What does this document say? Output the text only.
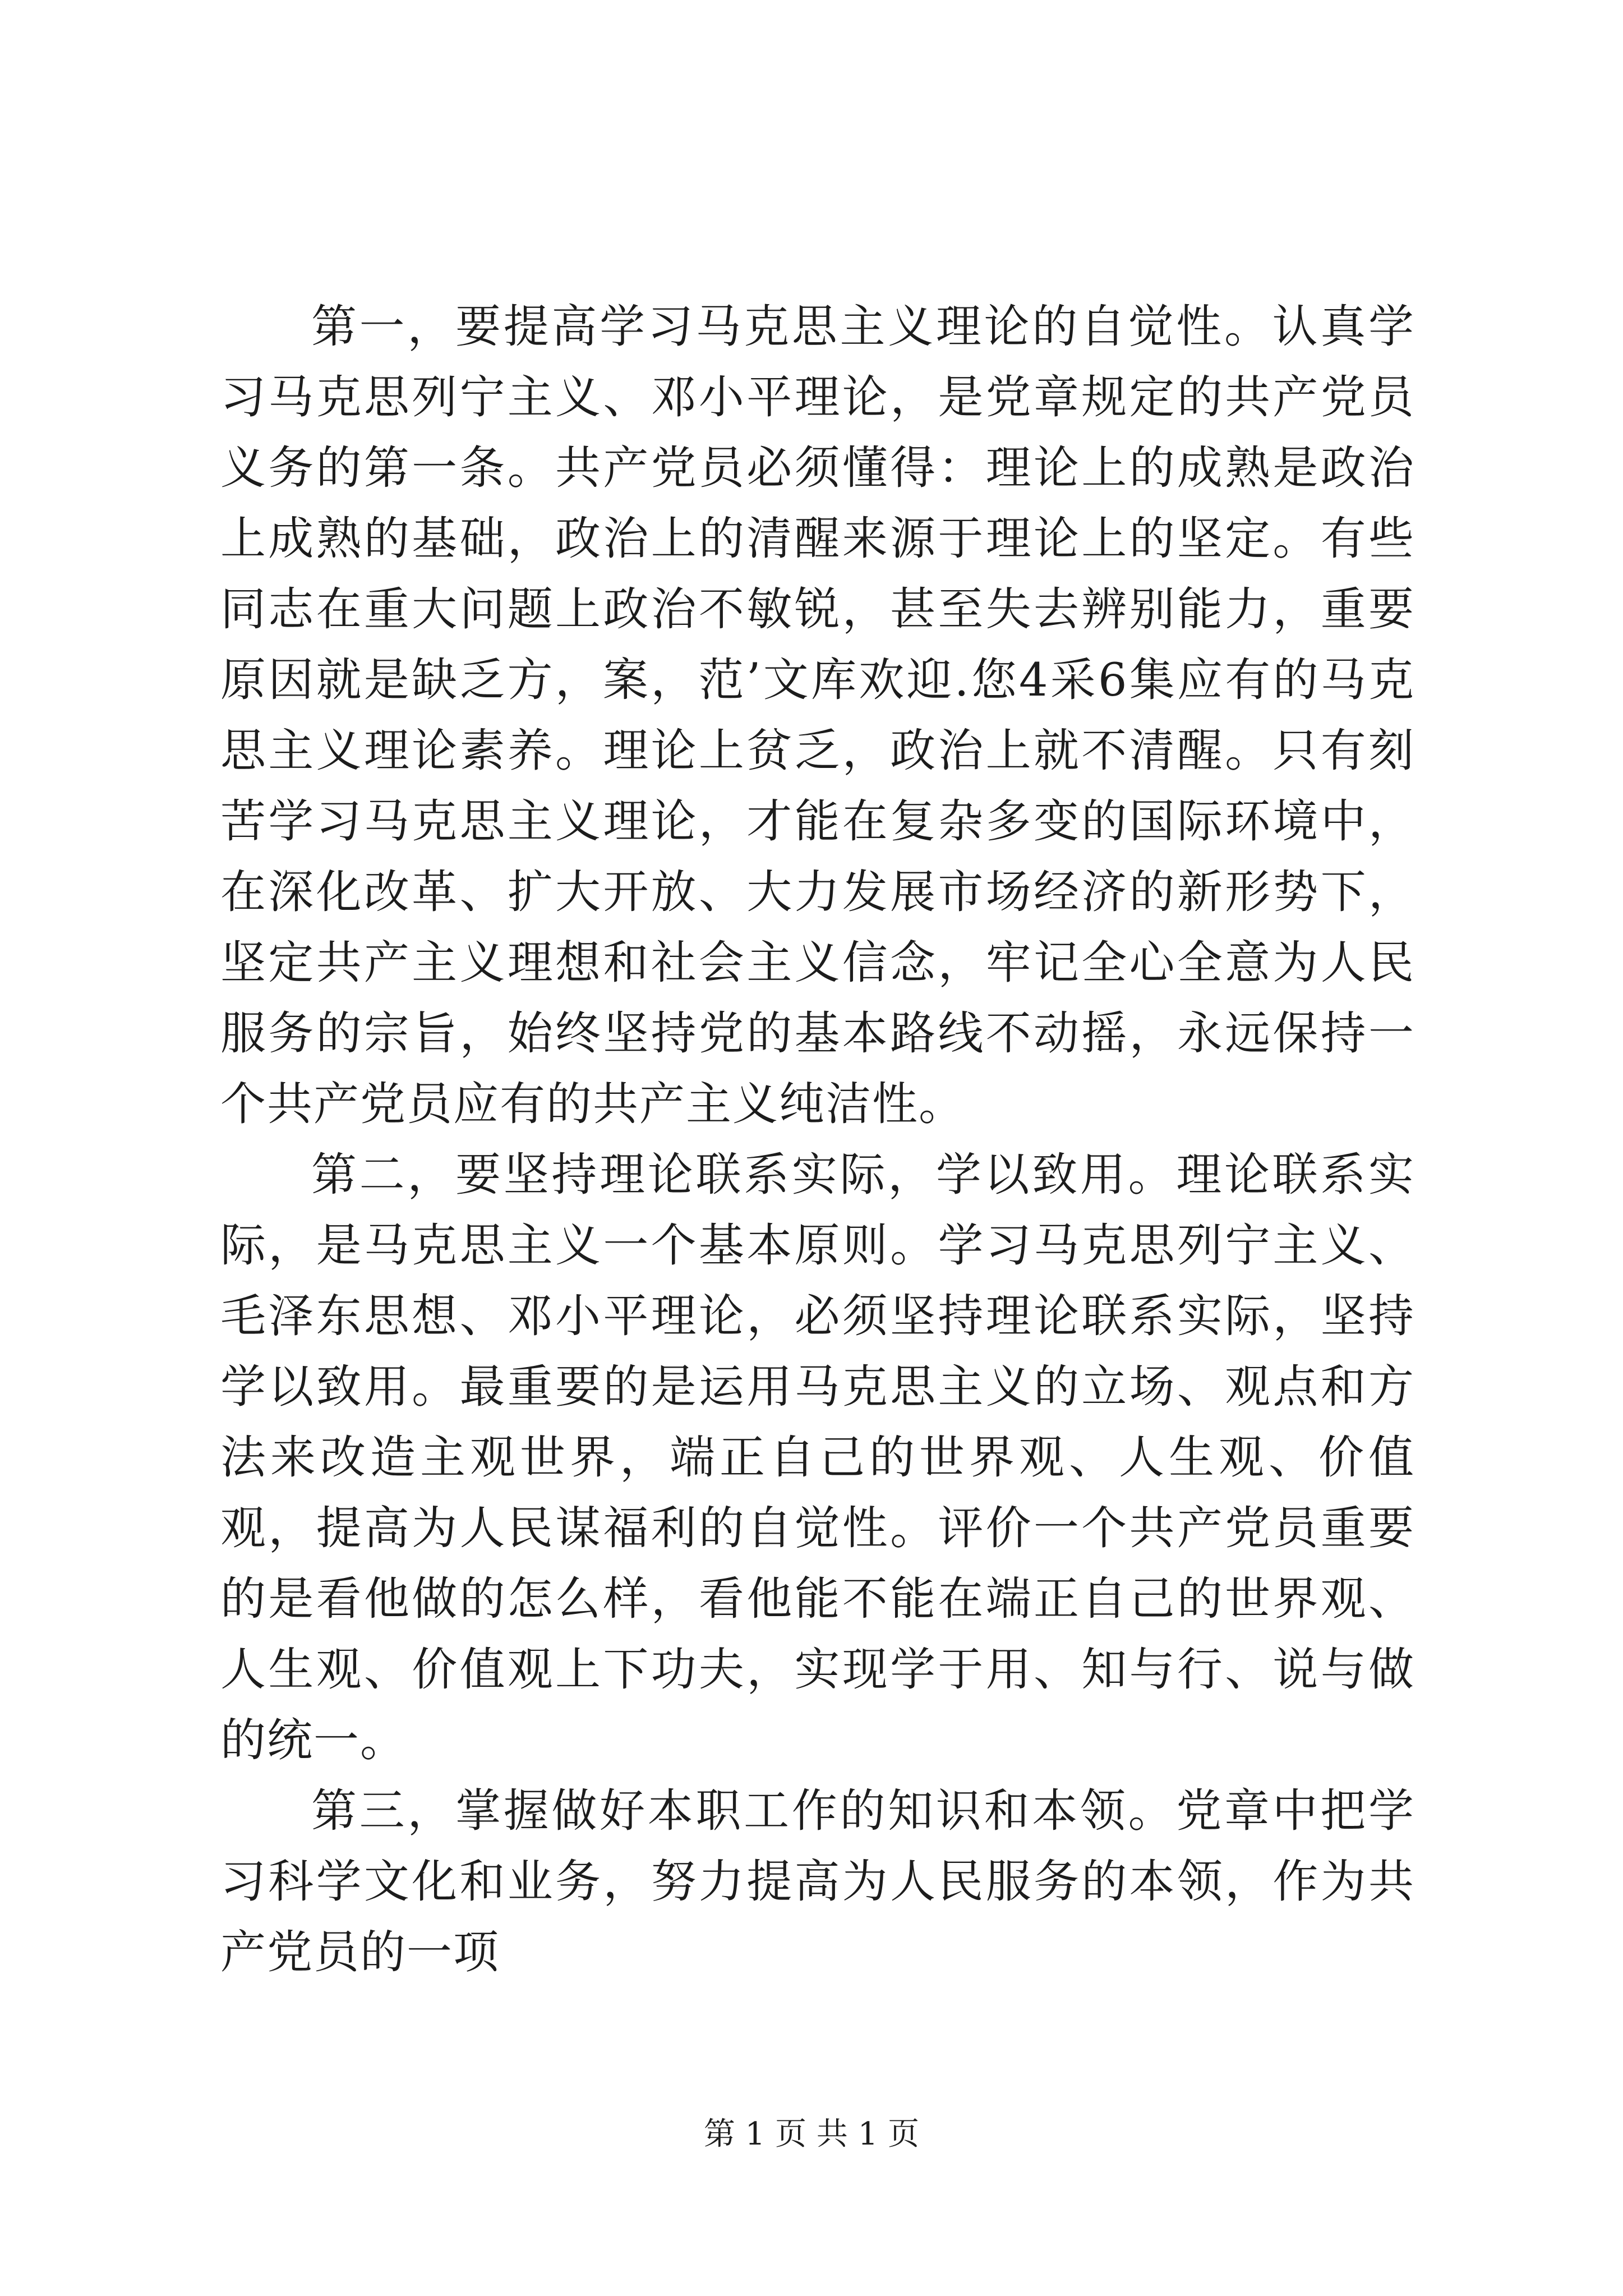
第一，要提高学习马克思主义理论的自觉性。认真学习马克思列宁主义、邓小平理论，是党章规定的共产党员义务的第一条。共产党员必须懂得：理论上的成熟是政治上成熟的基础，政治上的清醒来源于理论上的坚定。有些同志在重大问题上政治不敏锐，甚至失去辨别能力，重要原因就是缺乏方，案，范’文库欢迎.您4采6集应有的马克思主义理论素养。理论上贫乏，政治上就不清醒。只有刻苦学习马克思主义理论，才能在复杂多变的国际环境中，在深化改革、扩大开放、大力发展市场经济的新形势下，坚定共产主义理想和社会主义信念，牢记全心全意为人民服务的宗旨，始终坚持党的基本路线不动摇，永远保持一个共产党员应有的共产主义纯洁性。

第二，要坚持理论联系实际，学以致用。理论联系实际，是马克思主义一个基本原则。学习马克思列宁主义、毛泽东思想、邓小平理论，必须坚持理论联系实际，坚持学以致用。最重要的是运用马克思主义的立场、观点和方法来改造主观世界，端正自己的世界观、人生观、价值观，提高为人民谋福利的自觉性。评价一个共产党员重要的是看他做的怎么样，看他能不能在端正自己的世界观、人生观、价值观上下功夫，实现学于用、知与行、说与做的统一。

第三，掌握做好本职工作的知识和本领。党章中把学习科学文化和业务，努力提高为人民服务的本领，作为共产党员的一项

第 1 页 共 1 页
